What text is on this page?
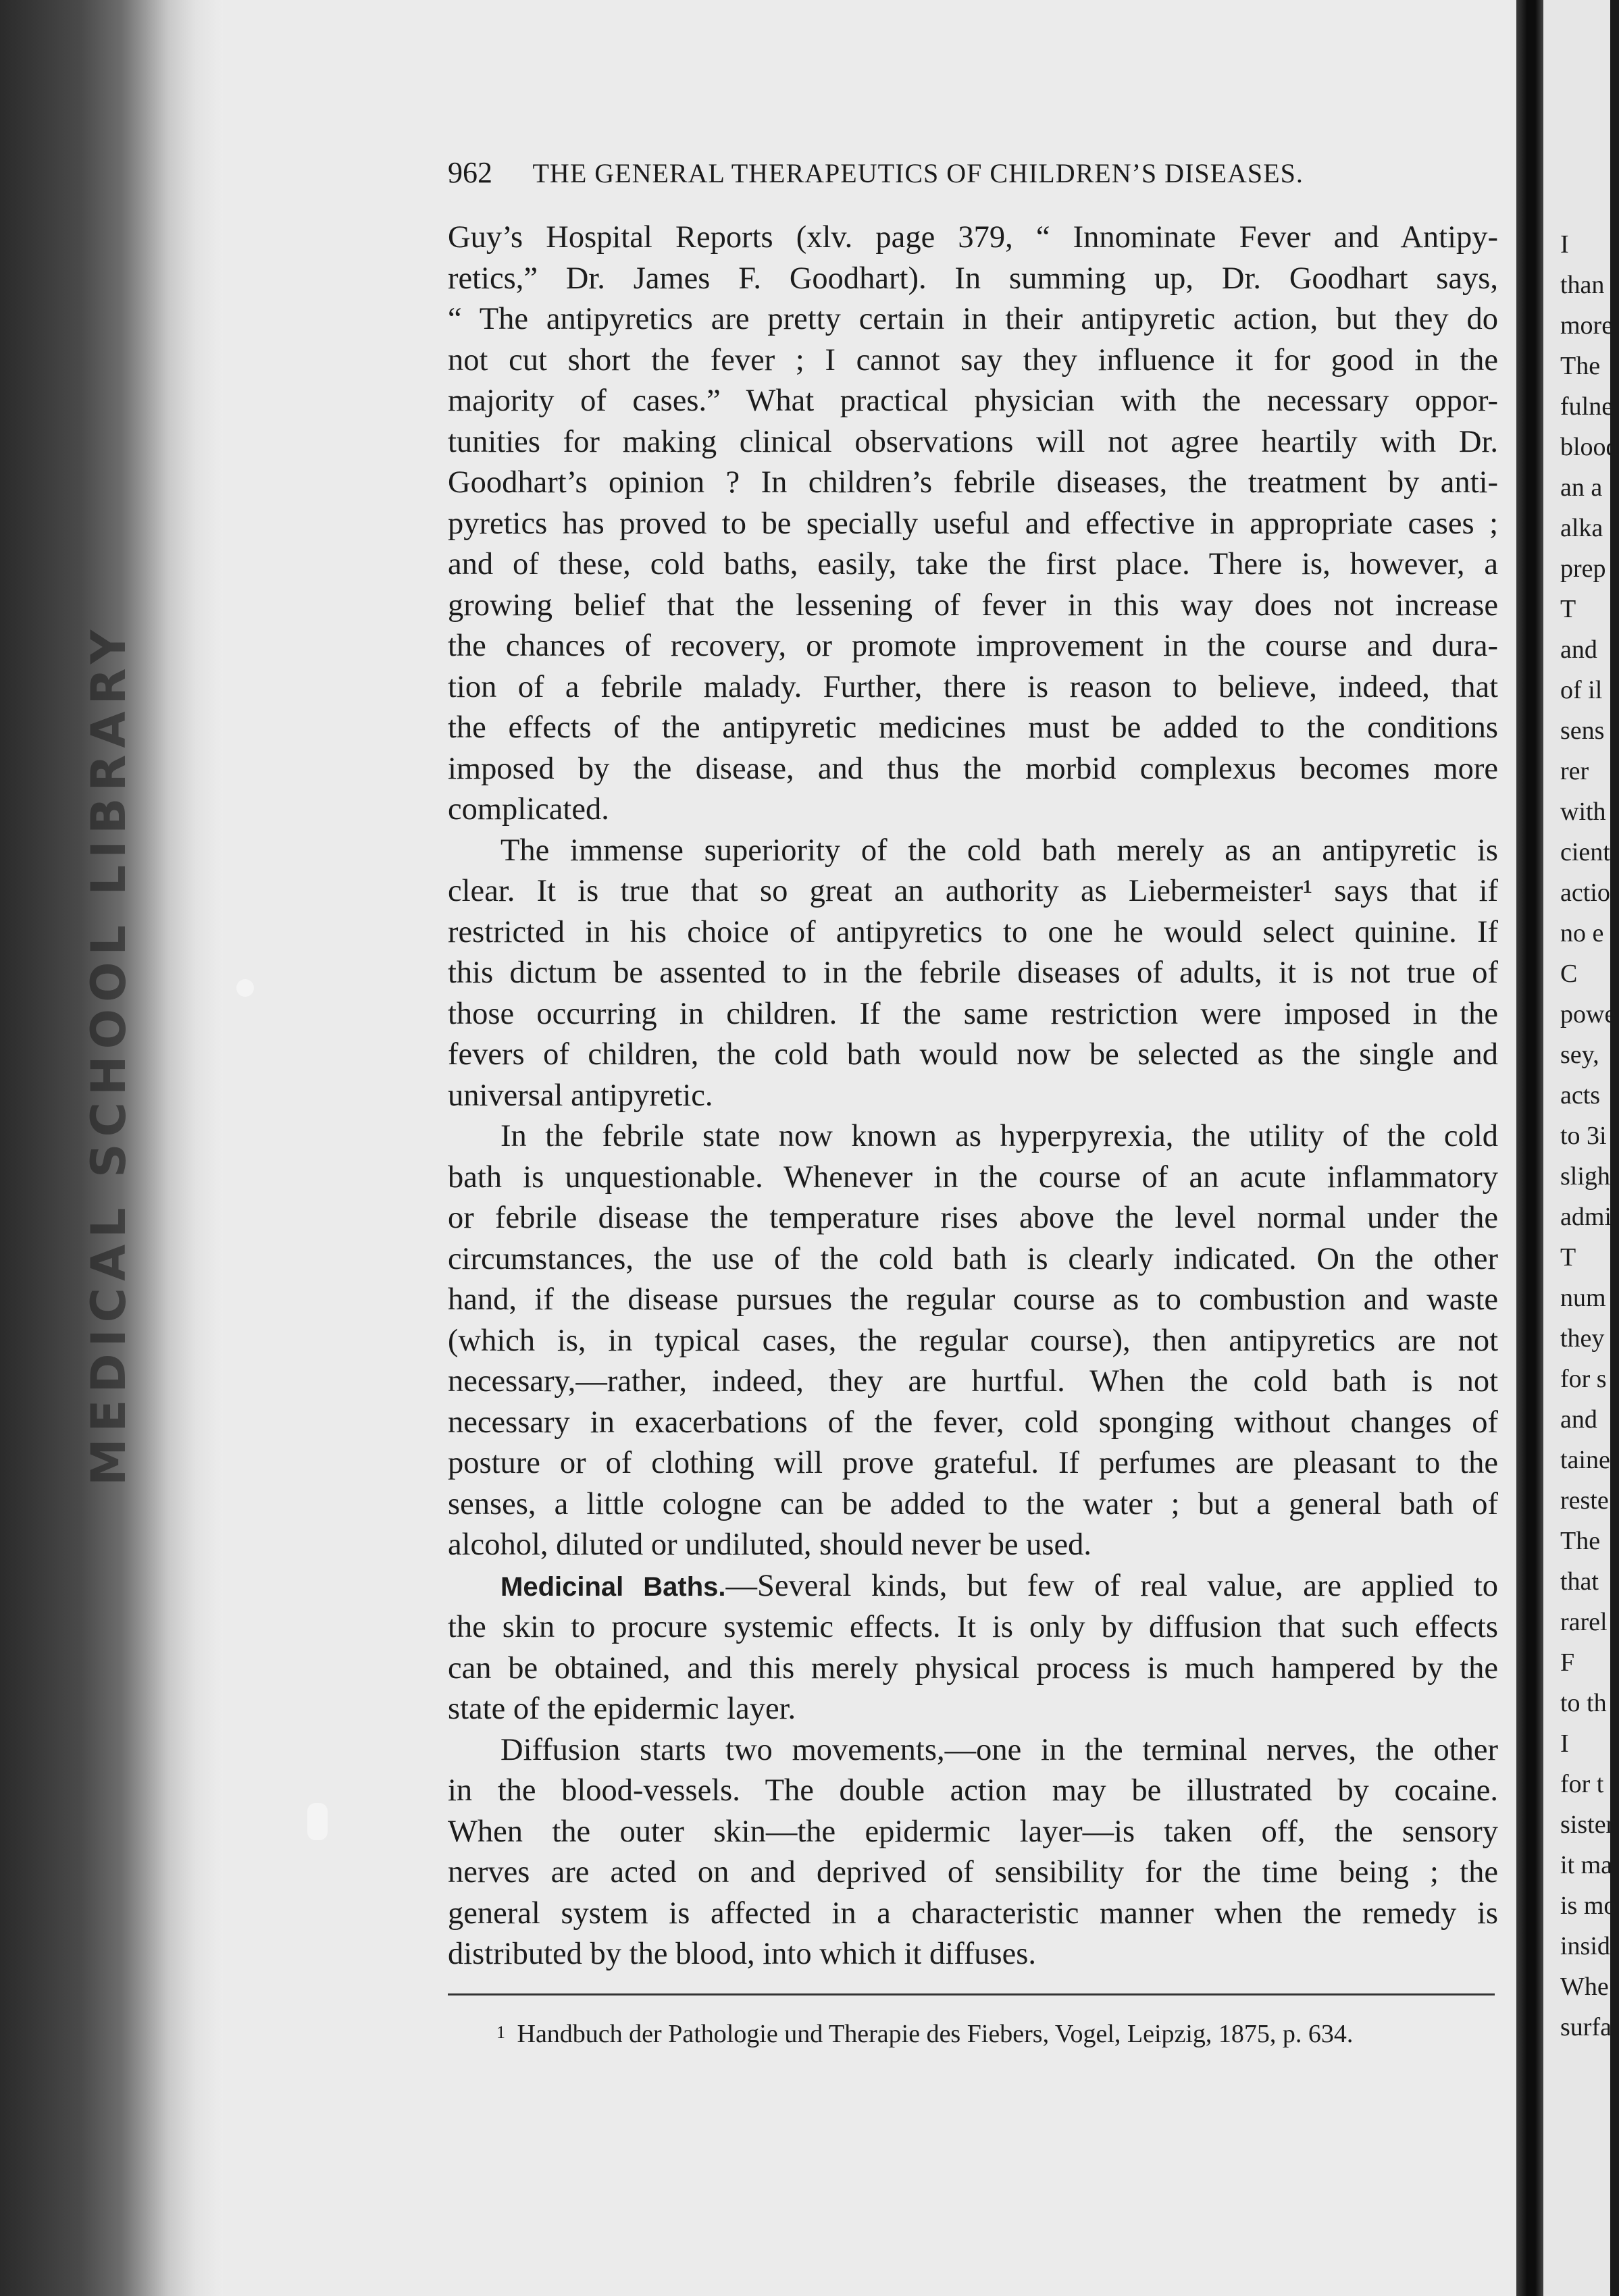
MEDICAL SCHOOL LIBRARY
962 THE GENERAL THERAPEUTICS OF CHILDREN’S DISEASES.
Guy’s Hospital Reports (xlv. page 379, “ Innominate Fever and Antipy-
retics,” Dr. James F. Goodhart). In summing up, Dr. Goodhart says,
“ The antipyretics are pretty certain in their antipyretic action, but they do
not cut short the fever ; I cannot say they influence it for good in the
majority of cases.” What practical physician with the necessary oppor-
tunities for making clinical observations will not agree heartily with Dr.
Goodhart’s opinion ? In children’s febrile diseases, the treatment by anti-
pyretics has proved to be specially useful and effective in appropriate cases ;
and of these, cold baths, easily, take the first place. There is, however, a
growing belief that the lessening of fever in this way does not increase
the chances of recovery, or promote improvement in the course and dura-
tion of a febrile malady. Further, there is reason to believe, indeed, that
the effects of the antipyretic medicines must be added to the conditions
imposed by the disease, and thus the morbid complexus becomes more
complicated.
The immense superiority of the cold bath merely as an antipyretic is
clear. It is true that so great an authority as Liebermeister¹ says that if
restricted in his choice of antipyretics to one he would select quinine. If
this dictum be assented to in the febrile diseases of adults, it is not true of
those occurring in children. If the same restriction were imposed in the
fevers of children, the cold bath would now be selected as the single and
universal antipyretic.
In the febrile state now known as hyperpyrexia, the utility of the cold
bath is unquestionable. Whenever in the course of an acute inflammatory
or febrile disease the temperature rises above the level normal under the
circumstances, the use of the cold bath is clearly indicated. On the other
hand, if the disease pursues the regular course as to combustion and waste
(which is, in typical cases, the regular course), then antipyretics are not
necessary,—rather, indeed, they are hurtful. When the cold bath is not
necessary in exacerbations of the fever, cold sponging without changes of
posture or of clothing will prove grateful. If perfumes are pleasant to the
senses, a little cologne can be added to the water ; but a general bath of
alcohol, diluted or undiluted, should never be used.
Medicinal Baths.—Several kinds, but few of real value, are applied to
the skin to procure systemic effects. It is only by diffusion that such effects
can be obtained, and this merely physical process is much hampered by the
state of the epidermic layer.
Diffusion starts two movements,—one in the terminal nerves, the other
in the blood-vessels. The double action may be illustrated by cocaine.
When the outer skin—the epidermic layer—is taken off, the sensory
nerves are acted on and deprived of sensibility for the time being ; the
general system is affected in a characteristic manner when the remedy is
distributed by the blood, into which it diffuses.
$^1$ Handbuch der Pathologie und Therapie des Fiebers, Vogel, Leipzig, 1875, p. 634.
I
than
more
The
fulne
blood
an a
alka
prep
T
and
of il
sens
rer
with
cient
actio
no e
C
powe
sey,
acts
to 3i
sligh
admi
T
num
they
for s
and
taine
reste
The
that
rarel
F
to th
I
for t
sister
it ma
is mo
insid
Whe
surfa
